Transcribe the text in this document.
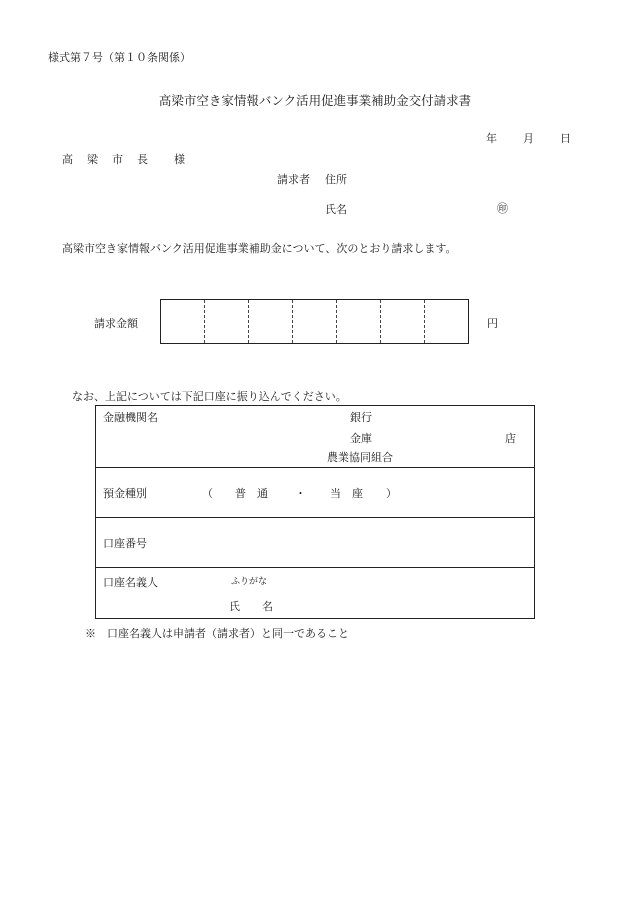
様式第７号（第１０条関係）
高梁市空き家情報バンク活用促進事業補助金交付請求書
年 月 日
高 梁 市 長 様
請求者 住所
氏名	㊞
高梁市空き家情報バンク活用促進事業補助金について、次のとおり請求します。
請求金額	円
なお、上記については下記口座に振り込んでください。
金融機関名	銀行
金庫	店
農業協同組合
預金種別	（ 普　通 ・ 当　座 ）
口座番号
口座名義人	ふりがな
氏　　名
※　口座名義人は申請者（請求者）と同一であること
